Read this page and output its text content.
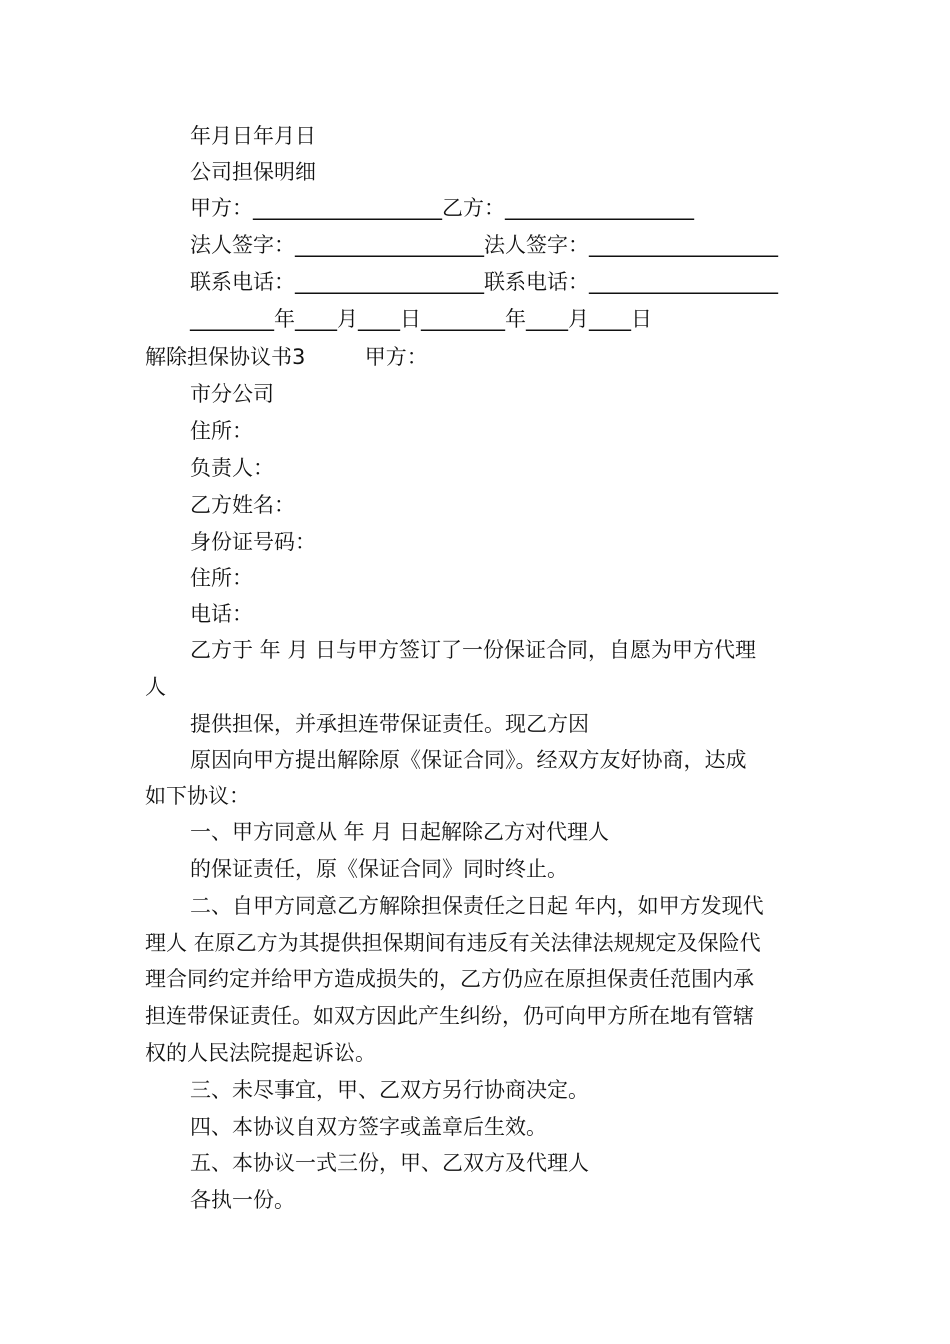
年月日年月日
公司担保明细
甲方：__________________乙方：__________________
法人签字：__________________法人签字：__________________
联系电话：__________________联系电话：__________________
________年____月____日________年____月____日
解除担保协议书3	甲方：
市分公司
住所：
负责人：
乙方姓名：
身份证号码：
住所：
电话：
乙方于 年 月 日与甲方签订了一份保证合同，自愿为甲方代理
人
提供担保，并承担连带保证责任。现乙方因
原因向甲方提出解除原《保证合同》。经双方友好协商，达成
如下协议：
一、甲方同意从 年 月 日起解除乙方对代理人
的保证责任，原《保证合同》同时终止。
二、自甲方同意乙方解除担保责任之日起 年内，如甲方发现代
理人 在原乙方为其提供担保期间有违反有关法律法规规定及保险代
理合同约定并给甲方造成损失的，乙方仍应在原担保责任范围内承
担连带保证责任。如双方因此产生纠纷，仍可向甲方所在地有管辖
权的人民法院提起诉讼。
三、未尽事宜，甲、乙双方另行协商决定。
四、本协议自双方签字或盖章后生效。
五、本协议一式三份，甲、乙双方及代理人
各执一份。
